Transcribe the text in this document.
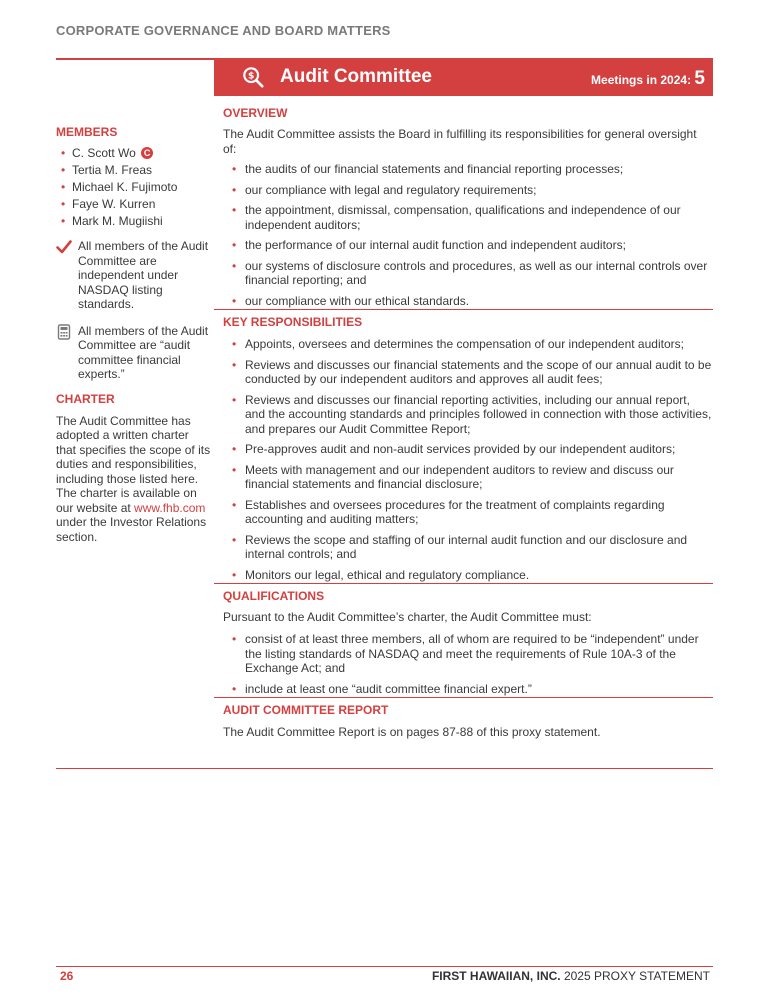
CORPORATE GOVERNANCE AND BOARD MATTERS
$ Audit Committee	Meetings in 2024: 5
MEMBERS
• C. Scott Wo C
• Tertia M. Freas
• Michael K. Fujimoto
• Faye W. Kurren
• Mark M. Mugiishi
All members of the Audit Committee are independent under NASDAQ listing standards.
All members of the Audit Committee are “audit committee financial experts.”
CHARTER
The Audit Committee has adopted a written charter that specifies the scope of its duties and responsibilities, including those listed here. The charter is available on our website at www.fhb.com under the Investor Relations section.
OVERVIEW
The Audit Committee assists the Board in fulfilling its responsibilities for general oversight of:
• the audits of our financial statements and financial reporting processes;
• our compliance with legal and regulatory requirements;
• the appointment, dismissal, compensation, qualifications and independence of our independent auditors;
• the performance of our internal audit function and independent auditors;
• our systems of disclosure controls and procedures, as well as our internal controls over financial reporting; and
• our compliance with our ethical standards.
KEY RESPONSIBILITIES
• Appoints, oversees and determines the compensation of our independent auditors;
• Reviews and discusses our financial statements and the scope of our annual audit to be conducted by our independent auditors and approves all audit fees;
• Reviews and discusses our financial reporting activities, including our annual report, and the accounting standards and principles followed in connection with those activities, and prepares our Audit Committee Report;
• Pre-approves audit and non-audit services provided by our independent auditors;
• Meets with management and our independent auditors to review and discuss our financial statements and financial disclosure;
• Establishes and oversees procedures for the treatment of complaints regarding accounting and auditing matters;
• Reviews the scope and staffing of our internal audit function and our disclosure and internal controls; and
• Monitors our legal, ethical and regulatory compliance.
QUALIFICATIONS
Pursuant to the Audit Committee’s charter, the Audit Committee must:
• consist of at least three members, all of whom are required to be “independent” under the listing standards of NASDAQ and meet the requirements of Rule 10A-3 of the Exchange Act; and
• include at least one “audit committee financial expert.”
AUDIT COMMITTEE REPORT
The Audit Committee Report is on pages 87-88 of this proxy statement.
26	FIRST HAWAIIAN, INC. 2025 PROXY STATEMENT
